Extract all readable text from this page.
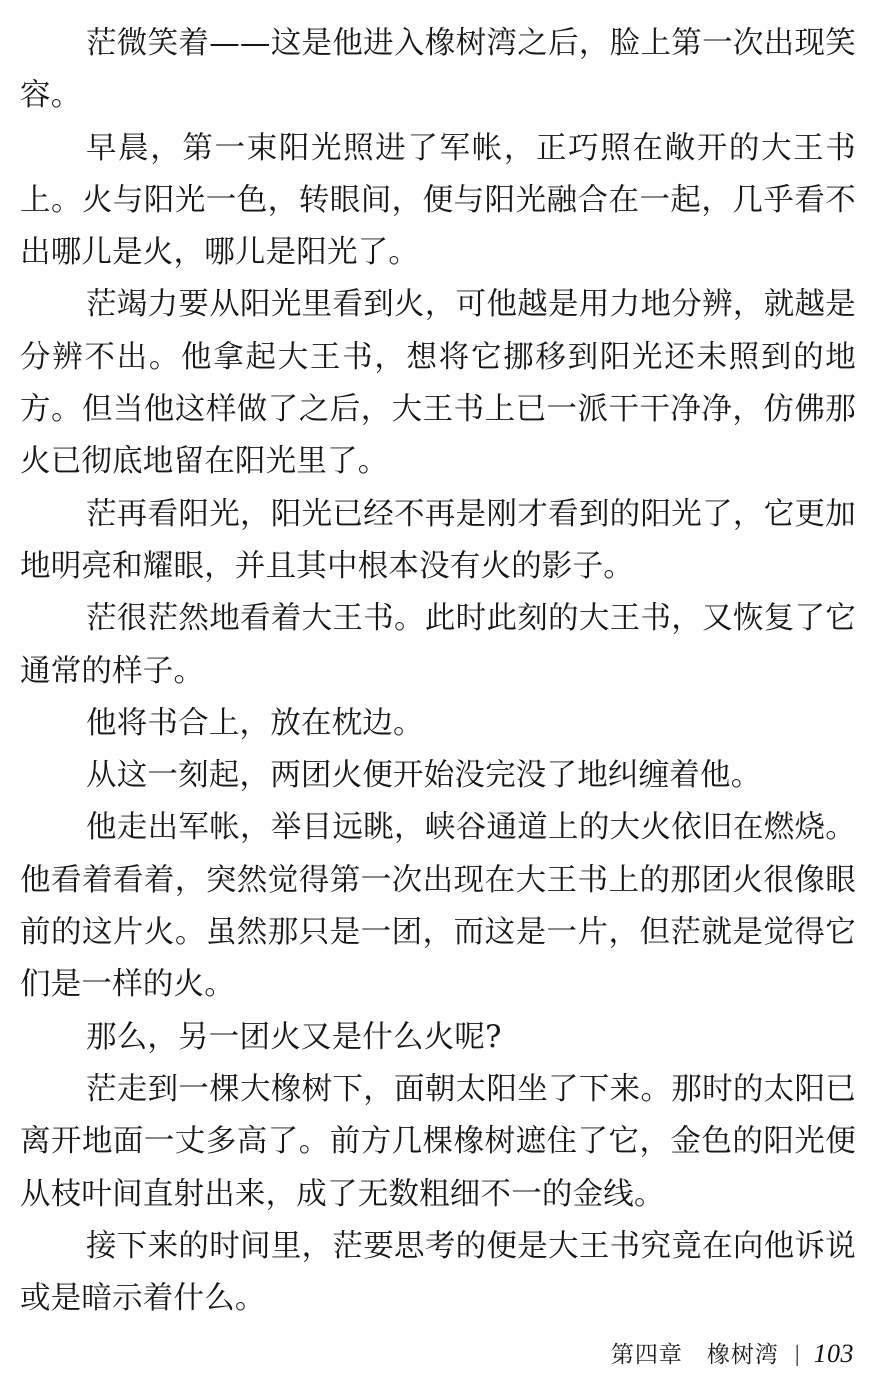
茫微笑着——这是他进入橡树湾之后，脸上第一次出现笑容。

早晨，第一束阳光照进了军帐，正巧照在敞开的大王书上。火与阳光一色，转眼间，便与阳光融合在一起，几乎看不出哪儿是火，哪儿是阳光了。

茫竭力要从阳光里看到火，可他越是用力地分辨，就越是分辨不出。他拿起大王书，想将它挪移到阳光还未照到的地方。但当他这样做了之后，大王书上已一派干干净净，仿佛那火已彻底地留在阳光里了。

茫再看阳光，阳光已经不再是刚才看到的阳光了，它更加地明亮和耀眼，并且其中根本没有火的影子。

茫很茫然地看着大王书。此时此刻的大王书，又恢复了它通常的样子。

他将书合上，放在枕边。

从这一刻起，两团火便开始没完没了地纠缠着他。

他走出军帐，举目远眺，峡谷通道上的大火依旧在燃烧。他看着看着，突然觉得第一次出现在大王书上的那团火很像眼前的这片火。虽然那只是一团，而这是一片，但茫就是觉得它们是一样的火。

那么，另一团火又是什么火呢?

茫走到一棵大橡树下，面朝太阳坐了下来。那时的太阳已离开地面一丈多高了。前方几棵橡树遮住了它，金色的阳光便从枝叶间直射出来，成了无数粗细不一的金线。

接下来的时间里，茫要思考的便是大王书究竟在向他诉说或是暗示着什么。

第四章　橡树湾 | 103
